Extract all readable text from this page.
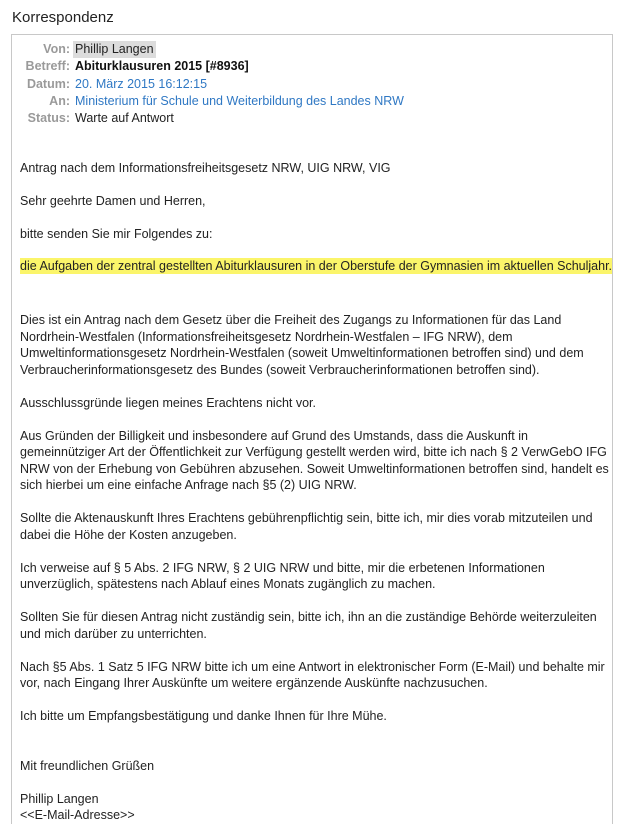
Korrespondenz
Von: Phillip Langen
Betreff: Abiturklausuren 2015 [#8936]
Datum: 20. März 2015 16:12:15
An: Ministerium für Schule und Weiterbildung des Landes NRW
Status: Warte auf Antwort

Antrag nach dem Informationsfreiheitsgesetz NRW, UIG NRW, VIG

Sehr geehrte Damen und Herren,

bitte senden Sie mir Folgendes zu:

die Aufgaben der zentral gestellten Abiturklausuren in der Oberstufe der Gymnasien im aktuellen Schuljahr.

Dies ist ein Antrag nach dem Gesetz über die Freiheit des Zugangs zu Informationen für das Land Nordrhein-Westfalen (Informationsfreiheitsgesetz Nordrhein-Westfalen – IFG NRW), dem Umweltinformationsgesetz Nordrhein-Westfalen (soweit Umweltinformationen betroffen sind) und dem Verbraucherinformationsgesetz des Bundes (soweit Verbraucherinformationen betroffen sind).

Ausschlussgründe liegen meines Erachtens nicht vor.

Aus Gründen der Billigkeit und insbesondere auf Grund des Umstands, dass die Auskunft in gemeinnütziger Art der Öffentlichkeit zur Verfügung gestellt werden wird, bitte ich nach § 2 VerwGebO IFG NRW von der Erhebung von Gebühren abzusehen. Soweit Umweltinformationen betroffen sind, handelt es sich hierbei um eine einfache Anfrage nach §5 (2) UIG NRW.

Sollte die Aktenauskunft Ihres Erachtens gebührenpflichtig sein, bitte ich, mir dies vorab mitzuteilen und dabei die Höhe der Kosten anzugeben.

Ich verweise auf § 5 Abs. 2 IFG NRW, § 2 UIG NRW und bitte, mir die erbetenen Informationen unverzüglich, spätestens nach Ablauf eines Monats zugänglich zu machen.

Sollten Sie für diesen Antrag nicht zuständig sein, bitte ich, ihn an die zuständige Behörde weiterzuleiten und mich darüber zu unterrichten.

Nach §5 Abs. 1 Satz 5 IFG NRW bitte ich um eine Antwort in elektronischer Form (E-Mail) und behalte mir vor, nach Eingang Ihrer Auskünfte um weitere ergänzende Auskünfte nachzusuchen.

Ich bitte um Empfangsbestätigung und danke Ihnen für Ihre Mühe.

Mit freundlichen Grüßen

Phillip Langen

<<E-Mail-Adresse>>
